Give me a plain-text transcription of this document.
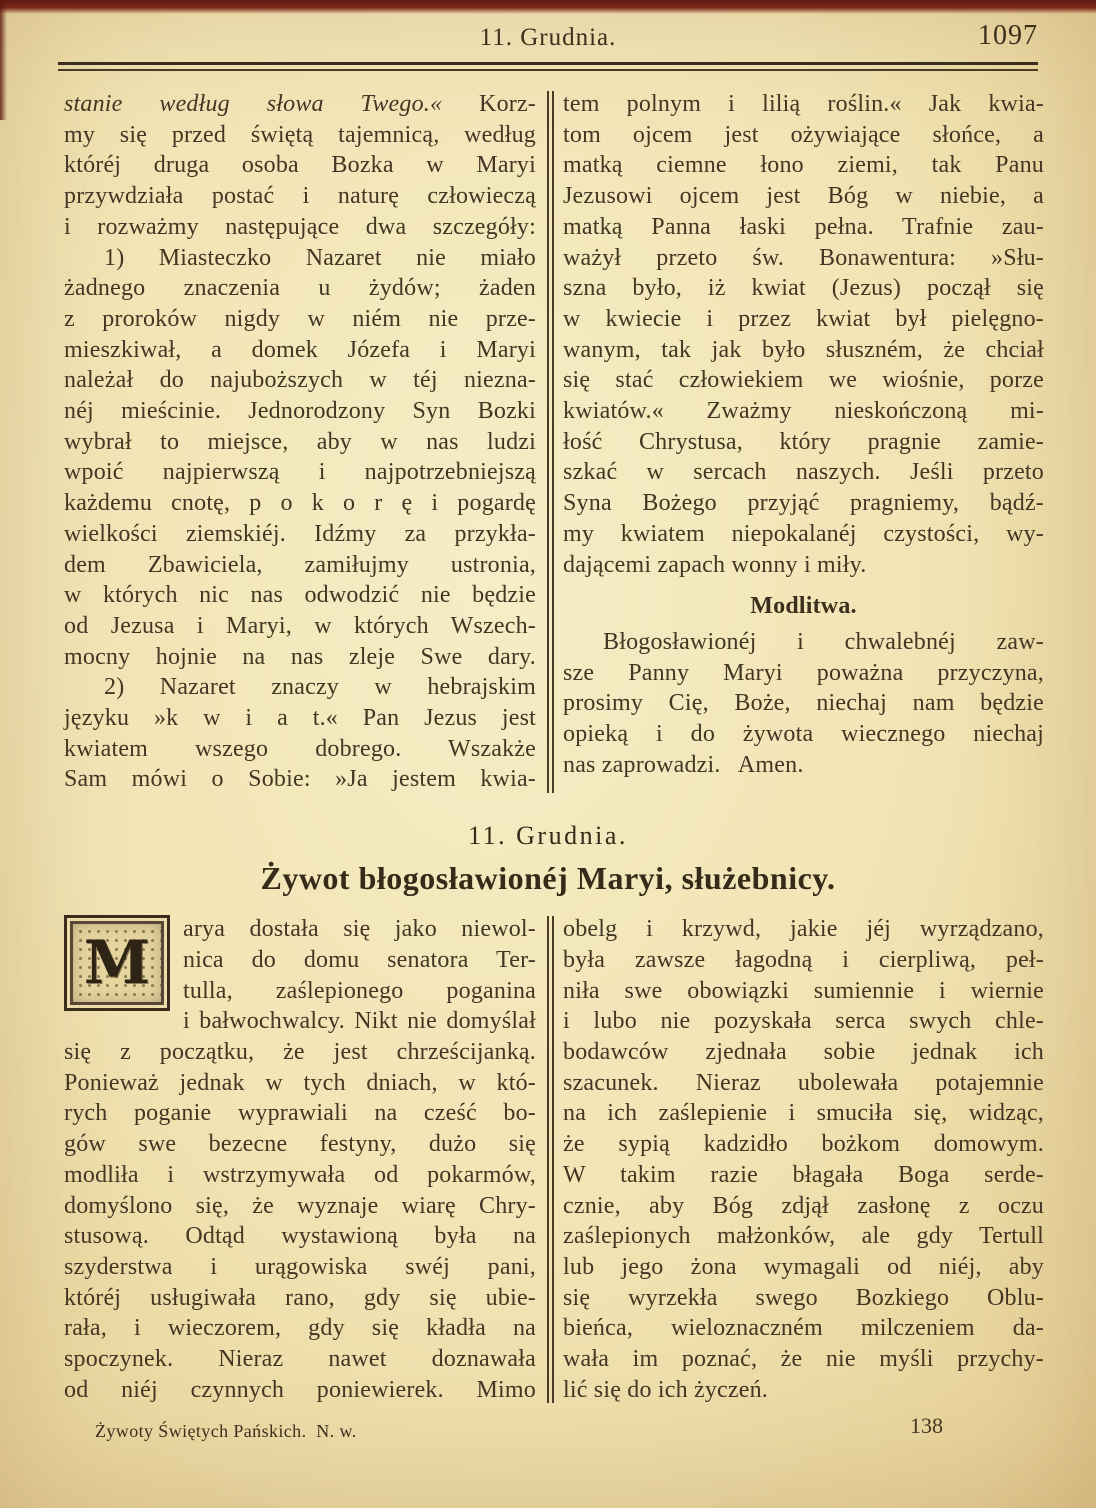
11. Grudnia.	1097
stanie według słowa Twego.« Korz-
my się przed świętą tajemnicą, według
któréj druga osoba Bozka w Maryi
przywdziała postać i naturę człowieczą
i rozważmy następujące dwa szczegóły:
1) Miasteczko Nazaret nie miało
żadnego znaczenia u żydów; żaden
z proroków nigdy w niém nie prze-
mieszkiwał, a domek Józefa i Maryi
należał do najuboższych w téj niezna-
néj mieścinie. Jednorodzony Syn Bozki
wybrał to miejsce, aby w nas ludzi
wpoić najpierwszą i najpotrzebniejszą
każdemu cnotę, p o k o r ę i pogardę
wielkości ziemskiéj. Idźmy za przykła-
dem Zbawiciela, zamiłujmy ustronia,
w których nic nas odwodzić nie będzie
od Jezusa i Maryi, w których Wszech-
mocny hojnie na nas zleje Swe dary.
2) Nazaret znaczy w hebrajskim
języku »k w i a t.« Pan Jezus jest
kwiatem wszego dobrego. Wszakże
Sam mówi o Sobie: »Ja jestem kwia-
tem polnym i lilią roślin.« Jak kwia-
tom ojcem jest ożywiające słońce, a
matką ciemne łono ziemi, tak Panu
Jezusowi ojcem jest Bóg w niebie, a
matką Panna łaski pełna. Trafnie zau-
ważył przeto św. Bonawentura: »Słu-
szna było, iż kwiat (Jezus) począł się
w kwiecie i przez kwiat był pielęgno-
wanym, tak jak było słuszném, że chciał
się stać człowiekiem we wiośnie, porze
kwiatów.« Zważmy nieskończoną mi-
łość Chrystusa, który pragnie zamie-
szkać w sercach naszych. Jeśli przeto
Syna Bożego przyjąć pragniemy, bądź-
my kwiatem niepokalanéj czystości, wy-
dającemi zapach wonny i miły.
Modlitwa.
Błogosławionéj i chwalebnéj zaw-
sze Panny Maryi poważna przyczyna,
prosimy Cię, Boże, niechaj nam będzie
opieką i do żywota wiecznego niechaj
nas zaprowadzi.   Amen.
11. Grudnia.
Żywot błogosławionéj Maryi, służebnicy.
M	arya dostała się jako niewol-
nica do domu senatora Ter-
tulla, zaślepionego poganina
i bałwochwalcy. Nikt nie domyślał
się z początku, że jest chrześcijanką.
Ponieważ jednak w tych dniach, w któ-
rych poganie wyprawiali na cześć bo-
gów swe bezecne festyny, dużo się
modliła i wstrzymywała od pokarmów,
domyślono się, że wyznaje wiarę Chry-
stusową. Odtąd wystawioną była na
szyderstwa i urągowiska swéj pani,
któréj usługiwała rano, gdy się ubie-
rała, i wieczorem, gdy się kładła na
spoczynek. Nieraz nawet doznawała
od niéj czynnych poniewierek. Mimo
obelg i krzywd, jakie jéj wyrządzano,
była zawsze łagodną i cierpliwą, peł-
niła swe obowiązki sumiennie i wiernie
i lubo nie pozyskała serca swych chle-
bodawców zjednała sobie jednak ich
szacunek. Nieraz ubolewała potajemnie
na ich zaślepienie i smuciła się, widząc,
że sypią kadzidło bożkom domowym.
W takim razie błagała Boga serde-
cznie, aby Bóg zdjął zasłonę z oczu
zaślepionych małżonków, ale gdy Tertull
lub jego żona wymagali od niéj, aby
się wyrzekła swego Bozkiego Oblu-
bieńca, wieloznaczném milczeniem da-
wała im poznać, że nie myśli przychy-
lić się do ich życzeń.
Żywoty Świętych Pańskich.  N. w.	138
